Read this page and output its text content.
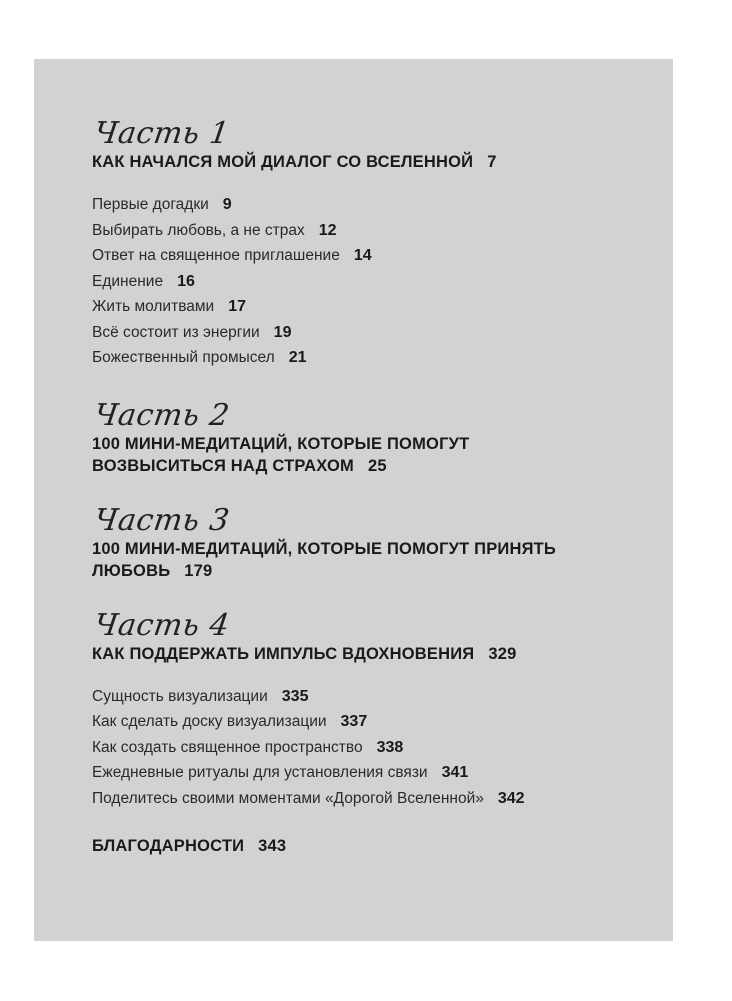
Часть 1
КАК НАЧАЛСЯ МОЙ ДИАЛОГ СО ВСЕЛЕННОЙ 7
Первые догадки 9
Выбирать любовь, а не страх 12
Ответ на священное приглашение 14
Единение 16
Жить молитвами 17
Всё состоит из энергии 19
Божественный промысел 21
Часть 2
100 МИНИ-МЕДИТАЦИЙ, КОТОРЫЕ ПОМОГУТ
ВОЗВЫСИТЬСЯ НАД СТРАХОМ 25
Часть 3
100 МИНИ-МЕДИТАЦИЙ, КОТОРЫЕ ПОМОГУТ ПРИНЯТЬ
ЛЮБОВЬ 179
Часть 4
КАК ПОДДЕРЖАТЬ ИМПУЛЬС ВДОХНОВЕНИЯ 329
Сущность визуализации 335
Как сделать доску визуализации 337
Как создать священное пространство 338
Ежедневные ритуалы для установления связи 341
Поделитесь своими моментами «Дорогой Вселенной» 342
БЛАГОДАРНОСТИ 343
